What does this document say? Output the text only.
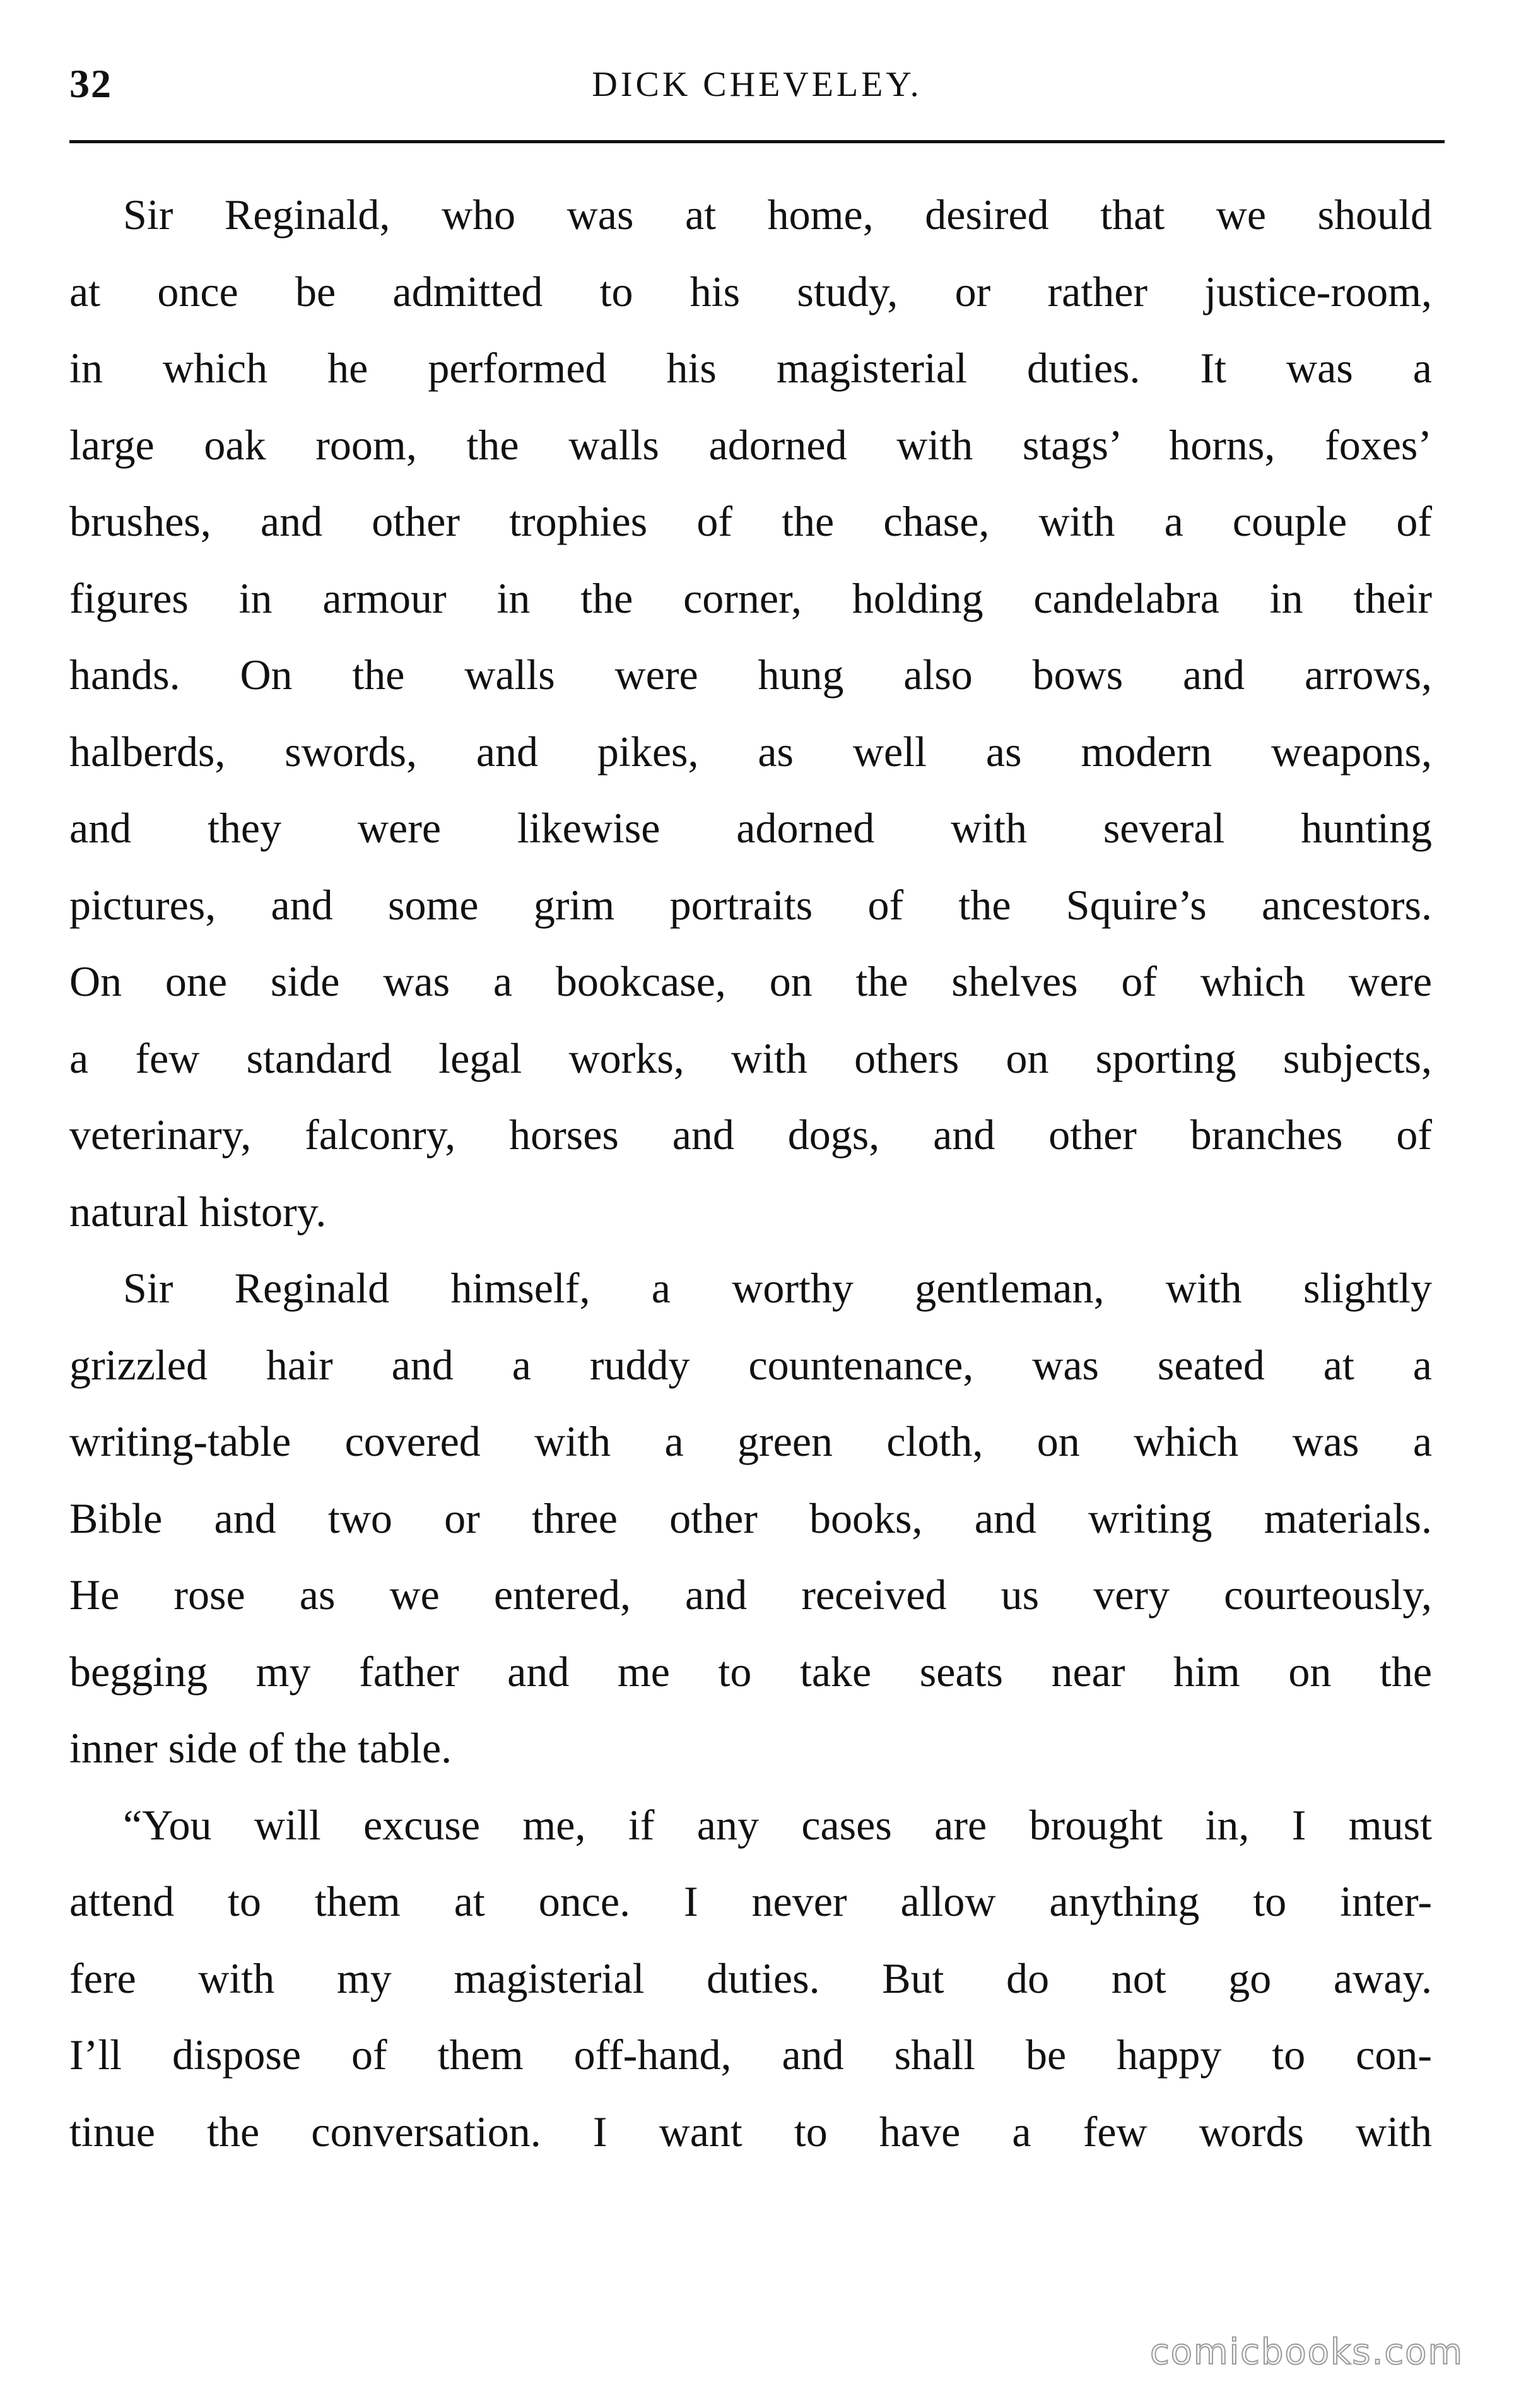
32	DICK CHEVELEY.
Sir Reginald, who was at home, desired that we should
at once be admitted to his study, or rather justice-room,
in which he performed his magisterial duties. It was a
large oak room, the walls adorned with stags’ horns, foxes’
brushes, and other trophies of the chase, with a couple of
figures in armour in the corner, holding candelabra in their
hands. On the walls were hung also bows and arrows,
halberds, swords, and pikes, as well as modern weapons,
and they were likewise adorned with several hunting
pictures, and some grim portraits of the Squire’s ancestors.
On one side was a bookcase, on the shelves of which were
a few standard legal works, with others on sporting subjects,
veterinary, falconry, horses and dogs, and other branches of
natural history.
Sir Reginald himself, a worthy gentleman, with slightly
grizzled hair and a ruddy countenance, was seated at a
writing-table covered with a green cloth, on which was a
Bible and two or three other books, and writing materials.
He rose as we entered, and received us very courteously,
begging my father and me to take seats near him on the
inner side of the table.
“You will excuse me, if any cases are brought in, I must
attend to them at once. I never allow anything to inter-
fere with my magisterial duties. But do not go away.
I’ll dispose of them off-hand, and shall be happy to con-
tinue the conversation. I want to have a few words with
comicbooks.com
